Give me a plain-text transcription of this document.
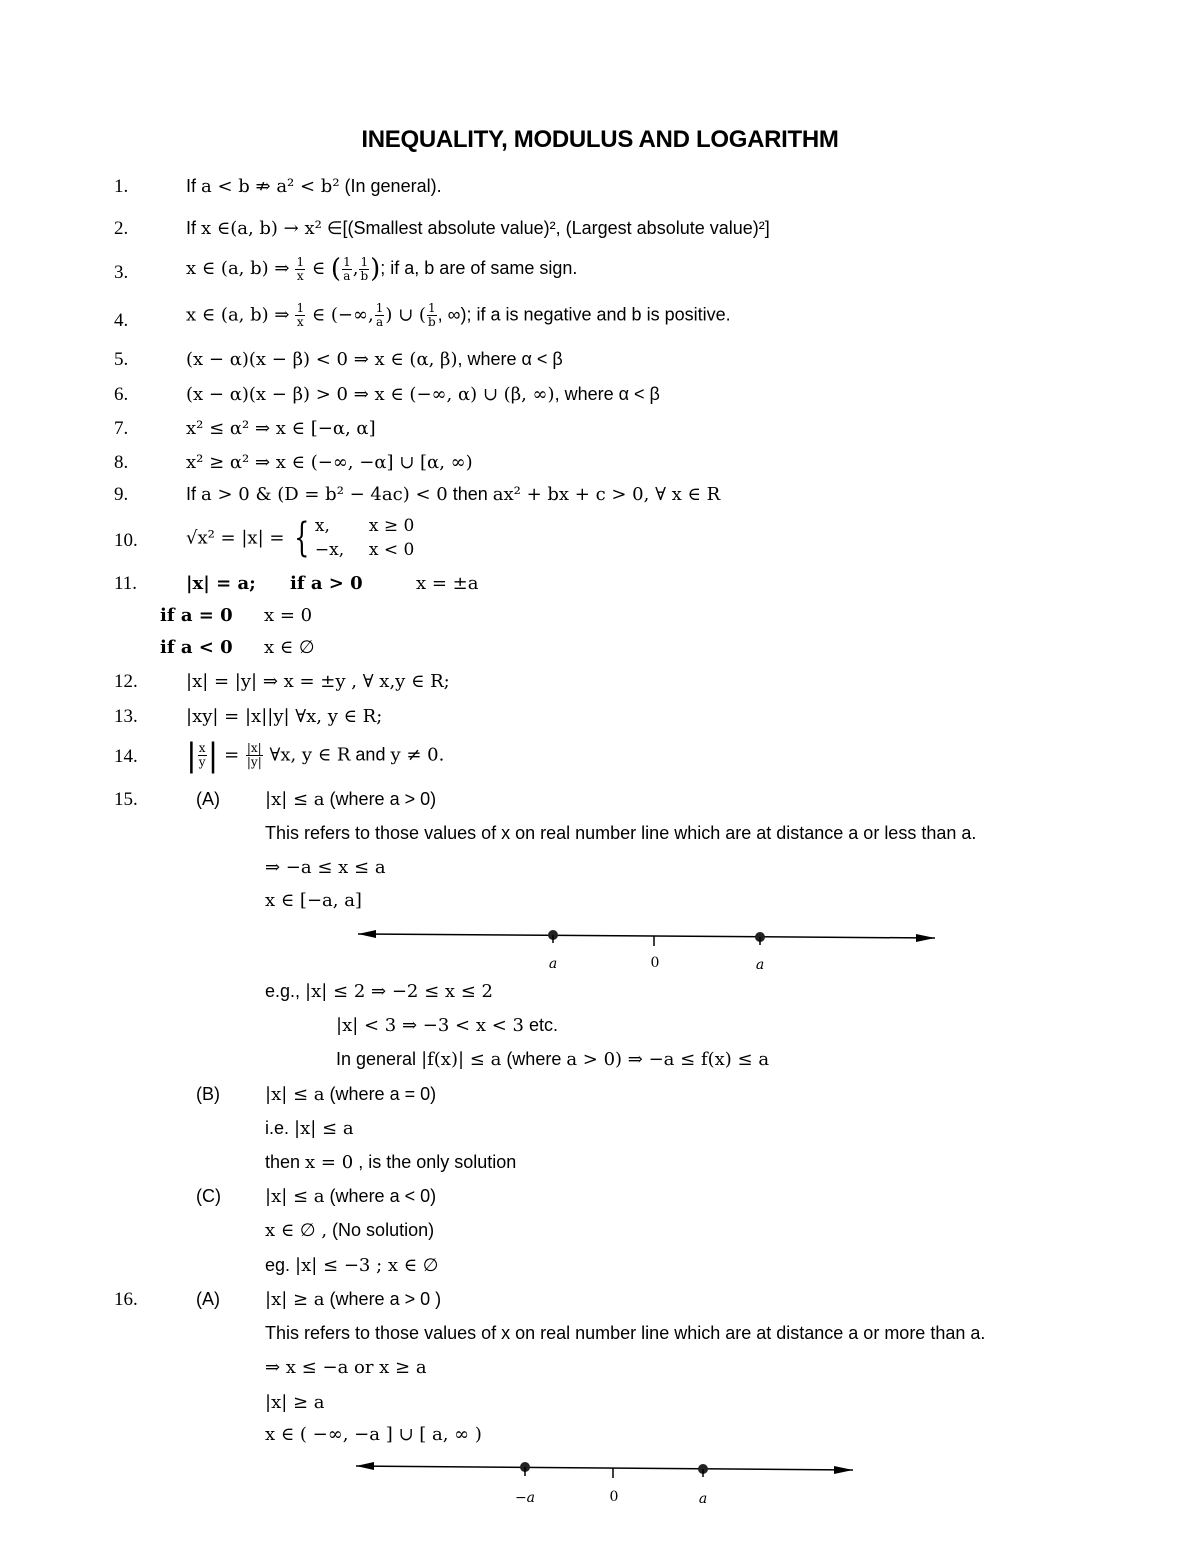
INEQUALITY, MODULUS AND LOGARITHM
1.	If a < b ⇏ a² < b² (In general).
2.	If x ∈(a, b) → x² ∈[(Smallest absolute value)², (Largest absolute value)²]
3.	x ∈ (a, b) ⇒ $\frac{1}{x}$ ∈ ( $\frac{1}{a}$ , $\frac{1}{b}$ ); if a, b are of same sign.
4.	x ∈ (a, b) ⇒ $\frac{1}{x}$ ∈ (−∞, $\frac{1}{a}$ ) ∪ ( $\frac{1}{b}$ , ∞); if a is negative and b is positive.
5.	(x − α)(x − β) < 0 ⇒ x ∈ (α, β), where α < β
6.	(x − α)(x − β) > 0 ⇒ x ∈ (−∞, α) ∪ (β, ∞), where α < β
7.	x² ≤ α² ⇒ x ∈ [−α, α]
8.	x² ≥ α² ⇒ x ∈ (−∞, −α] ∪ [α, ∞)
9.	If a > 0 & (D = b² − 4ac) < 0 then ax² + bx + c > 0, ∀ x ∈ R
10.	√x² = |x| = { x, x ≥ 0
−x, x < 0
11.	|x| = a; if a > 0	x = ±a
if a = 0 x = 0
if a < 0 x ∈ ∅
12.	|x| = |y| ⇒ x = ±y , ∀ x,y ∈ R;
13.	|xy| = |x||y| ∀x, y ∈ R;
14. | $\frac{x}{y}$ | = $\frac{|x|}{|y|}$ ∀x, y ∈ R and y ≠ 0.
15.	(A)	|x| ≤ a (where a > 0)
This refers to those values of x on real number line which are at distance a or less than a.
⇒ −a ≤ x ≤ a
x ∈ [−a, a]
a	0	a
e.g., |x| ≤ 2 ⇒ −2 ≤ x ≤ 2
|x| < 3 ⇒ −3 < x < 3 etc.
In general |f(x)| ≤ a (where a > 0) ⇒ −a ≤ f(x) ≤ a
(B)	|x| ≤ a (where a = 0)
i.e. |x| ≤ a
then x = 0 , is the only solution
(C) |x| ≤ a (where a < 0)
x ∈ ∅ , (No solution)
eg. |x| ≤ −3 ; x ∈ ∅
16.	(A)	|x| ≥ a (where a > 0 )
This refers to those values of x on real number line which are at distance a or more than a.
⇒ x ≤ −a or x ≥ a
|x| ≥ a
x ∈ ( −∞, −a ] ∪ [ a, ∞ )
−a	0	a
